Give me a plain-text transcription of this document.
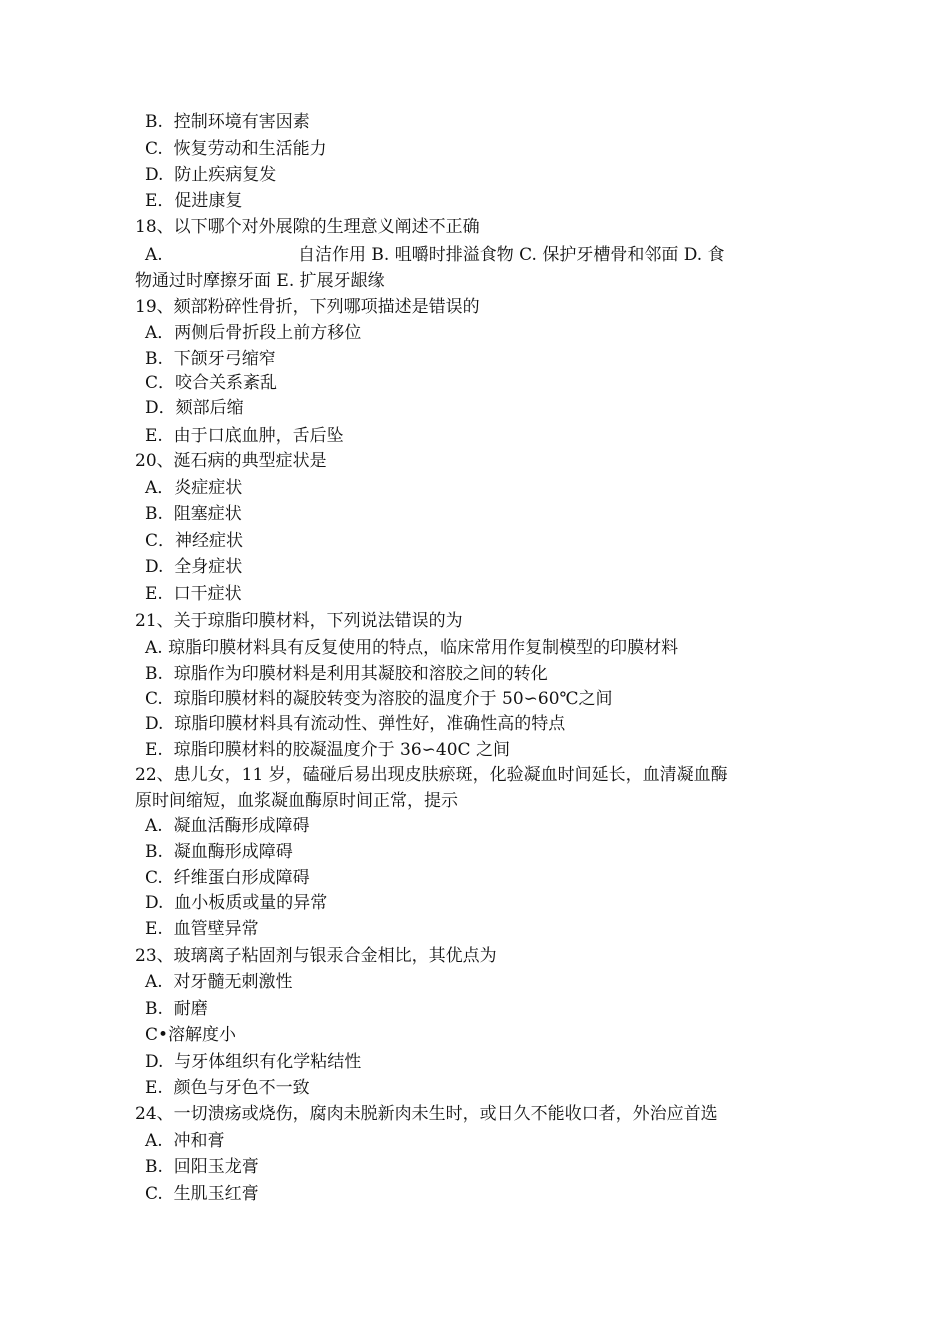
B.  控制环境有害因素
C.  恢复劳动和生活能力
D.  防止疾病复发
E．促进康复
18、以下哪个对外展隙的生理意义阐述不正确
A.	自洁作用 B. 咀嚼时排溢食物 C. 保护牙槽骨和邻面 D. 食
物通过时摩擦牙面 E. 扩展牙龈缘
19、颏部粉碎性骨折，下列哪项描述是错误的
A．两侧后骨折段上前方移位
B.  下颌牙弓缩窄
C．咬合关系紊乱
D．颏部后缩
E.  由于口底血肿，舌后坠
20、涎石病的典型症状是
A．炎症症状
B.  阻塞症状
C．神经症状
D.  全身症状
E.  口干症状
21、关于琼脂印膜材料，下列说法错误的为
A. 琼脂印膜材料具有反复使用的特点，临床常用作复制模型的印膜材料
B.  琼脂作为印膜材料是利用其凝胶和溶胶之间的转化
C.  琼脂印膜材料的凝胶转变为溶胶的温度介于 50∽60℃之间
D.  琼脂印膜材料具有流动性、弹性好，准确性高的特点
E.  琼脂印膜材料的胶凝温度介于 36∽40C 之间
22、患儿女，11 岁，磕碰后易出现皮肤瘀斑，化验凝血时间延长，血清凝血酶
原时间缩短，血浆凝血酶原时间正常，提示
A.  凝血活酶形成障碍
B.  凝血酶形成障碍
C.  纤维蛋白形成障碍
D.  血小板质或量的异常
E.  血管壁异常
23、玻璃离子粘固剂与银汞合金相比，其优点为
A.  对牙髓无刺激性
B.  耐磨
C•溶解度小
D.  与牙体组织有化学粘结性
E.  颜色与牙色不一致
24、一切溃疡或烧伤，腐肉未脱新肉未生时，或日久不能收口者，外治应首选
A.  冲和膏
B.  回阳玉龙膏
C.  生肌玉红膏
